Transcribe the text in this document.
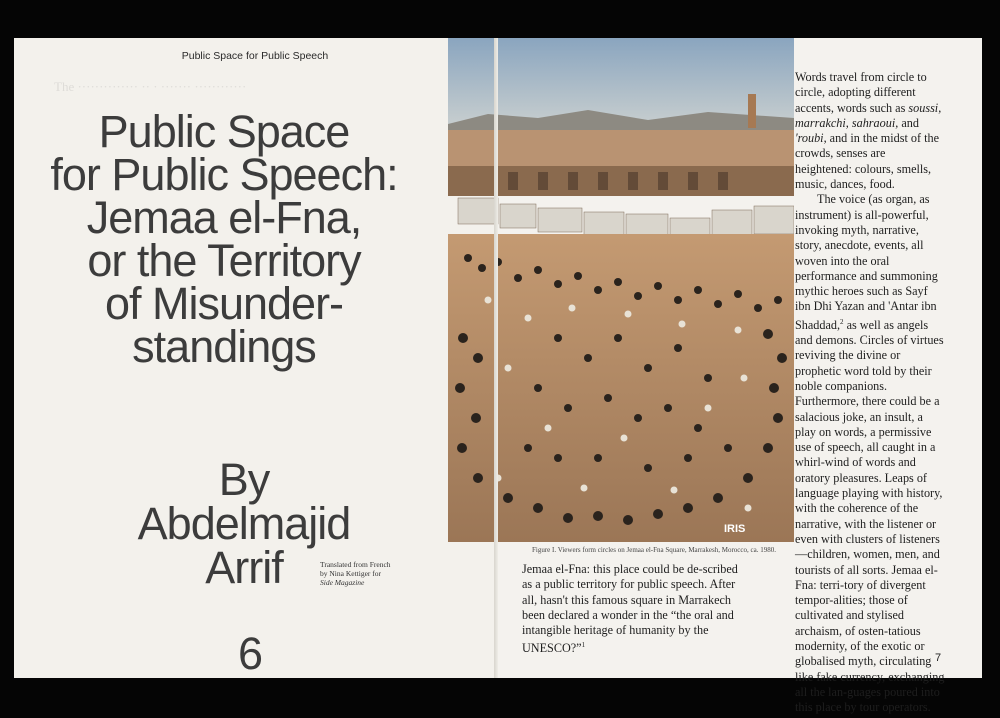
The ·············· ·· · ······· ············
Public Space for Public Speech
Public Space
for Public Speech:
Jemaa el-Fna,
or the Territory
of Misunder-
standings
By
Abdelmajid
Arrif	Translated from French
by Nina Kettiger for
Side Magazine
6
IRIS
Figure I. Viewers form circles on Jemaa el-Fna Square, Marrakesh, Morocco, ca. 1980.

Words travel from circle to circle, adopting different accents, words such as soussi, marrakchi, sahraoui, and 'roubi, and in the midst of the crowds, senses are heightened: colours, smells, music, dances, food.

The voice (as organ, as instrument) is all-powerful, invoking myth, narrative, story, anecdote, events, all woven into the oral performance and summoning mythic heroes such as Sayf ibn Dhi Yazan and 'Antar ibn Shaddad,$^2$ as well as angels and demons. Circles of virtues reviving the divine or prophetic word told by their noble companions. Furthermore, there could be a salacious joke, an insult, a play on words, a permissive use of speech, all caught in a whirl-wind of words and oratory pleasures. Leaps of language playing with history, with the coherence of the narrative, with the listener or even with clusters of listeners—children, women, men, and tourists of all sorts. Jemaa el-Fna: terri-tory of divergent tempor-alities; those of cultivated and stylised archaism, of osten-tatious modernity, of the exotic or globalised myth, circulating like fake currency, exchanging all the lan-guages poured into this place by tour operators.

Jemaa el-Fna: this place could be de-scribed as a public territory for public speech. After all, hasn't this famous square in Marrakech been declared a wonder in the “the oral and intangible heritage of humanity by the UNESCO?”$^1$

7
